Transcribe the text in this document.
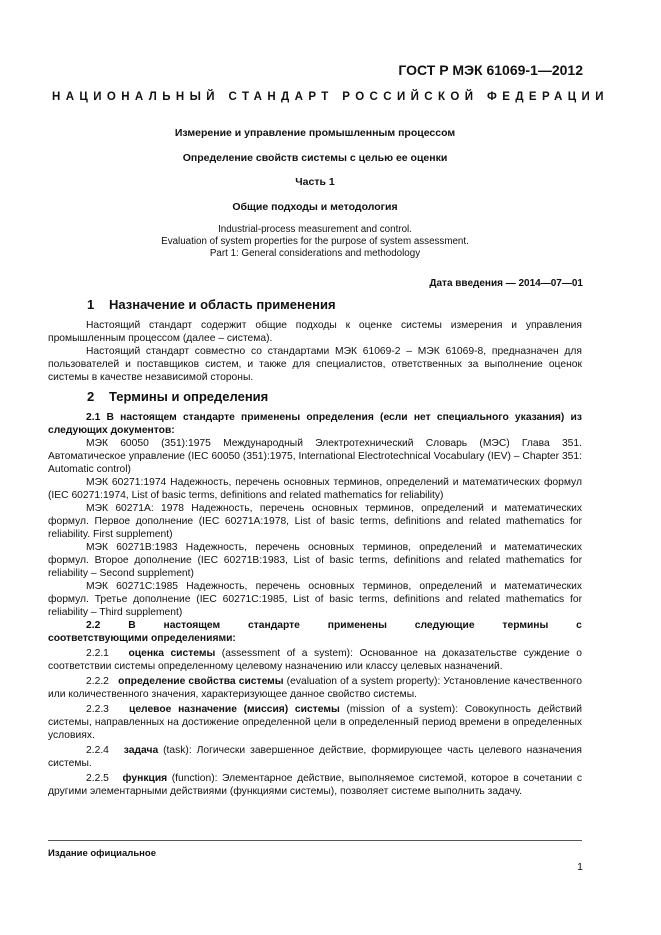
ГОСТ Р МЭК 61069-1—2012
НАЦИОНАЛЬНЫЙ СТАНДАРТ РОССИЙСКОЙ ФЕДЕРАЦИИ
Измерение и управление промышленным процессом
Определение свойств системы с целью ее оценки
Часть 1
Общие подходы и методология
Industrial-process measurement and control.
Evaluation of system properties for the purpose of system assessment.
Part 1: General considerations and methodology
Дата введения — 2014—07—01
1 Назначение и область применения

Настоящий стандарт содержит общие подходы к оценке системы измерения и управления промышленным процессом (далее – система).

Настоящий стандарт совместно со стандартами МЭК 61069-2 – МЭК 61069-8, предназначен для пользователей и поставщиков систем, и также для специалистов, ответственных за выполнение оценок системы в качестве независимой стороны.

2 Термины и определения

2.1 В настоящем стандарте применены определения (если нет специального указания) из следующих документов:

МЭК 60050 (351):1975 Международный Электротехнический Словарь (МЭС) Глава 351. Автоматическое управление (IEC 60050 (351):1975, International Electrotechnical Vocabulary (IEV) – Chapter 351: Automatic control)

МЭК 60271:1974 Надежность, перечень основных терминов, определений и математических формул (IEC 60271:1974, List of basic terms, definitions and related mathematics for reliability)

МЭК 60271A: 1978 Надежность, перечень основных терминов, определений и математических формул. Первое дополнение (IEC 60271A:1978, List of basic terms, definitions and related mathematics for reliability. First supplement)

МЭК 60271B:1983 Надежность, перечень основных терминов, определений и математических формул. Второе дополнение (IEC 60271B:1983, List of basic terms, definitions and related mathematics for reliability – Second supplement)

МЭК 60271C:1985 Надежность, перечень основных терминов, определений и математических формул. Третье дополнение (IEC 60271C:1985, List of basic terms, definitions and related mathematics for reliability – Third supplement)

2.2	В	настоящем	стандарте	применены	следующие	термины	с

соответствующими определениями:

2.2.1 оценка системы (assessment of a system): Основанное на доказательстве суждение о соответствии системы определенному целевому назначению или классу целевых назначений.

2.2.2 определение свойства системы (evaluation of a system property): Установление качественного или количественного значения, характеризующее данное свойство системы.

2.2.3 целевое назначение (миссия) системы (mission of a system): Совокупность действий системы, направленных на достижение определенной цели в определенный период времени в определенных условиях.

2.2.4 задача (task): Логически завершенное действие, формирующее часть целевого назначения системы.

2.2.5 функция (function): Элементарное действие, выполняемое системой, которое в сочетании с другими элементарными действиями (функциями системы), позволяет системе выполнить задачу.

Издание официальное
1
